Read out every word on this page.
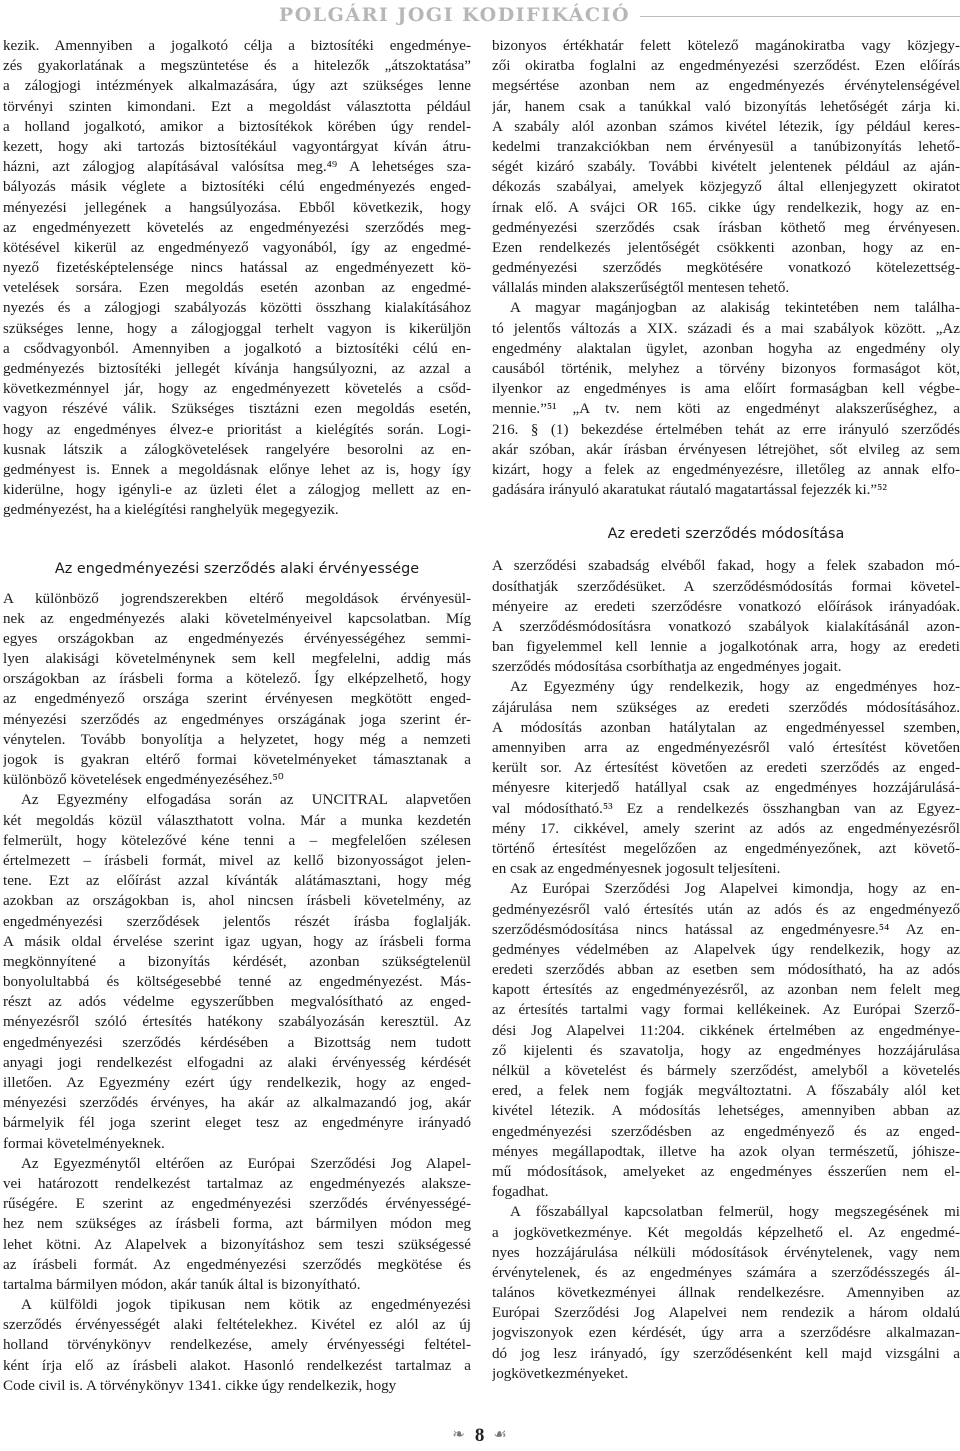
POLGÁRI JOGI KODIFIKÁCIÓ
kezik. Amennyiben a jogalkotó célja a biztosítéki engedménye-
zés gyakorlatának a megszüntetése és a hitelezők „átszoktatása”
a zálogjogi intézmények alkalmazására, úgy azt szükséges lenne
törvényi szinten kimondani. Ezt a megoldást választotta például
a holland jogalkotó, amikor a biztosítékok körében úgy rendel-
kezett, hogy aki tartozás biztosítékául vagyontárgyat kíván átru-
házni, azt zálogjog alapításával valósítsa meg.⁴⁹ A lehetséges sza-
bályozás másik véglete a biztosítéki célú engedményezés enged-
ményezési jellegének a hangsúlyozása. Ebből következik, hogy
az engedményezett követelés az engedményezési szerződés meg-
kötésével kikerül az engedményező vagyonából, így az engedmé-
nyező fizetésképtelensége nincs hatással az engedményezett kö-
vetelések sorsára. Ezen megoldás esetén azonban az engedmé-
nyezés és a zálogjogi szabályozás közötti összhang kialakításához
szükséges lenne, hogy a zálogjoggal terhelt vagyon is kikerüljön
a csődvagyonból. Amennyiben a jogalkotó a biztosítéki célú en-
gedményezés biztosítéki jellegét kívánja hangsúlyozni, az azzal a
következménnyel jár, hogy az engedményezett követelés a csőd-
vagyon részévé válik. Szükséges tisztázni ezen megoldás esetén,
hogy az engedményes élvez-e prioritást a kielégítés során. Logi-
kusnak látszik a zálogkövetelések rangelyére besorolni az en-
gedményest is. Ennek a megoldásnak előnye lehet az is, hogy így
kiderülne, hogy igényli-e az üzleti élet a zálogjog mellett az en-
gedményezést, ha a kielégítési ranghelyük megegyezik.
Az engedményezési szerződés alaki érvényessége
A különböző jogrendszerekben eltérő megoldások érvényesül-
nek az engedményezés alaki követelményeivel kapcsolatban. Míg
egyes országokban az engedményezés érvényességéhez semmi-
lyen alakisági követelménynek sem kell megfelelni, addig más
országokban az írásbeli forma a kötelező. Így elképzelhető, hogy
az engedményező országa szerint érvényesen megkötött enged-
ményezési szerződés az engedményes országának joga szerint ér-
vénytelen. Tovább bonyolítja a helyzetet, hogy még a nemzeti
jogok is gyakran eltérő formai követelményeket támasztanak a
különböző követelések engedményezéséhez.⁵⁰
Az Egyezmény elfogadása során az UNCITRAL alapvetően
két megoldás közül választhatott volna. Már a munka kezdetén
felmerült, hogy kötelezővé kéne tenni a – megfelelően szélesen
értelmezett – írásbeli formát, mivel az kellő bizonyosságot jelen-
tene. Ezt az előírást azzal kívánták alátámasztani, hogy még
azokban az országokban is, ahol nincsen írásbeli követelmény, az
engedményezési szerződések jelentős részét írásba foglalják.
A másik oldal érvelése szerint igaz ugyan, hogy az írásbeli forma
megkönnyítené a bizonyítás kérdését, azonban szükségtelenül
bonyolultabbá és költségesebbé tenné az engedményezést. Más-
részt az adós védelme egyszerűbben megvalósítható az enged-
ményezésről szóló értesítés hatékony szabályozásán keresztül. Az
engedményezési szerződés kérdésében a Bizottság nem tudott
anyagi jogi rendelkezést elfogadni az alaki érvényesség kérdését
illetően. Az Egyezmény ezért úgy rendelkezik, hogy az enged-
ményezési szerződés érvényes, ha akár az alkalmazandó jog, akár
bármelyik fél joga szerint eleget tesz az engedményre irányadó
formai követelményeknek.
Az Egyezménytől eltérően az Európai Szerződési Jog Alapel-
vei határozott rendelkezést tartalmaz az engedményezés alaksze-
rűségére. E szerint az engedményezési szerződés érvényességé-
hez nem szükséges az írásbeli forma, azt bármilyen módon meg
lehet kötni. Az Alapelvek a bizonyításhoz sem teszi szükségessé
az írásbeli formát. Az engedményezési szerződés megkötése és
tartalma bármilyen módon, akár tanúk által is bizonyítható.
A külföldi jogok tipikusan nem kötik az engedményezési
szerződés érvényességét alaki feltételekhez. Kivétel ez alól az új
holland törvénykönyv rendelkezése, amely érvényességi feltétel-
ként írja elő az írásbeli alakot. Hasonló rendelkezést tartalmaz a
Code civil is. A törvénykönyv 1341. cikke úgy rendelkezik, hogy
bizonyos értékhatár felett kötelező magánokiratba vagy közjegy-
zői okiratba foglalni az engedményezési szerződést. Ezen előírás
megsértése azonban nem az engedményezés érvénytelenségével
jár, hanem csak a tanúkkal való bizonyítás lehetőségét zárja ki.
A szabály alól azonban számos kivétel létezik, így például keres-
kedelmi tranzakciókban nem érvényesül a tanúbizonyítás lehető-
ségét kizáró szabály. További kivételt jelentenek például az aján-
dékozás szabályai, amelyek közjegyző által ellenjegyzett okiratot
írnak elő. A svájci OR 165. cikke úgy rendelkezik, hogy az en-
gedményezési szerződés csak írásban köthető meg érvényesen.
Ezen rendelkezés jelentőségét csökkenti azonban, hogy az en-
gedményezési szerződés megkötésére vonatkozó kötelezettség-
vállalás minden alakszerűségtől mentesen tehető.
A magyar magánjogban az alakiság tekintetében nem találha-
tó jelentős változás a XIX. századi és a mai szabályok között. „Az
engedmény alaktalan ügylet, azonban hogyha az engedmény oly
causából történik, melyhez a törvény bizonyos formaságot köt,
ilyenkor az engedményes is ama előírt formaságban kell végbe-
mennie.”⁵¹ „A tv. nem köti az engedményt alakszerűséghez, a
216. § (1) bekezdése értelmében tehát az erre irányuló szerződés
akár szóban, akár írásban érvényesen létrejöhet, sőt elvileg az sem
kizárt, hogy a felek az engedményezésre, illetőleg az annak elfo-
gadására irányuló akaratukat ráutaló magatartással fejezzék ki.”⁵²
Az eredeti szerződés módosítása
A szerződési szabadság elvéből fakad, hogy a felek szabadon mó-
dosíthatják szerződésüket. A szerződésmódosítás formai követel-
ményeire az eredeti szerződésre vonatkozó előírások irányadóak.
A szerződésmódosításra vonatkozó szabályok kialakításánál azon-
ban figyelemmel kell lennie a jogalkotónak arra, hogy az eredeti
szerződés módosítása csorbíthatja az engedményes jogait.
Az Egyezmény úgy rendelkezik, hogy az engedményes hoz-
zájárulása nem szükséges az eredeti szerződés módosításához.
A módosítás azonban hatálytalan az engedményessel szemben,
amennyiben arra az engedményezésről való értesítést követően
került sor. Az értesítést követően az eredeti szerződés az enged-
ményesre kiterjedő hatállyal csak az engedményes hozzájárulásá-
val módosítható.⁵³ Ez a rendelkezés összhangban van az Egyez-
mény 17. cikkével, amely szerint az adós az engedményezésről
történő értesítést megelőzően az engedményezőnek, azt követő-
en csak az engedményesnek jogosult teljesíteni.
Az Európai Szerződési Jog Alapelvei kimondja, hogy az en-
gedményezésről való értesítés után az adós és az engedményező
szerződésmódosítása nincs hatással az engedményesre.⁵⁴ Az en-
gedményes védelmében az Alapelvek úgy rendelkezik, hogy az
eredeti szerződés abban az esetben sem módosítható, ha az adós
kapott értesítés az engedményezésről, az azonban nem felelt meg
az értesítés tartalmi vagy formai kellékeinek. Az Európai Szerző-
dési Jog Alapelvei 11:204. cikkének értelmében az engedménye-
ző kijelenti és szavatolja, hogy az engedményes hozzájárulása
nélkül a követelést és bármely szerződést, amelyből a követelés
ered, a felek nem fogják megváltoztatni. A főszabály alól ket
kivétel létezik. A módosítás lehetséges, amennyiben abban az
engedményezési szerződésben az engedményező és az enged-
ményes megállapodtak, illetve ha azok olyan természetű, jóhisze-
mű módosítások, amelyeket az engedményes ésszerűen nem el-
fogadhat.
A főszabállyal kapcsolatban felmerül, hogy megszegésének mi
a jogkövetkezménye. Két megoldás képzelhető el. Az engedmé-
nyes hozzájárulása nélküli módosítások érvénytelenek, vagy nem
érvénytelenek, és az engedményes számára a szerződésszegés ál-
talános következményei állnak rendelkezésre. Amennyiben az
Európai Szerződési Jog Alapelvei nem rendezik a három oldalú
jogviszonyok ezen kérdését, úgy arra a szerződésre alkalmazan-
dó jog lesz irányadó, így szerződésenként kell majd vizsgálni a
jogkövetkezményeket.
❧ 8 ☙
